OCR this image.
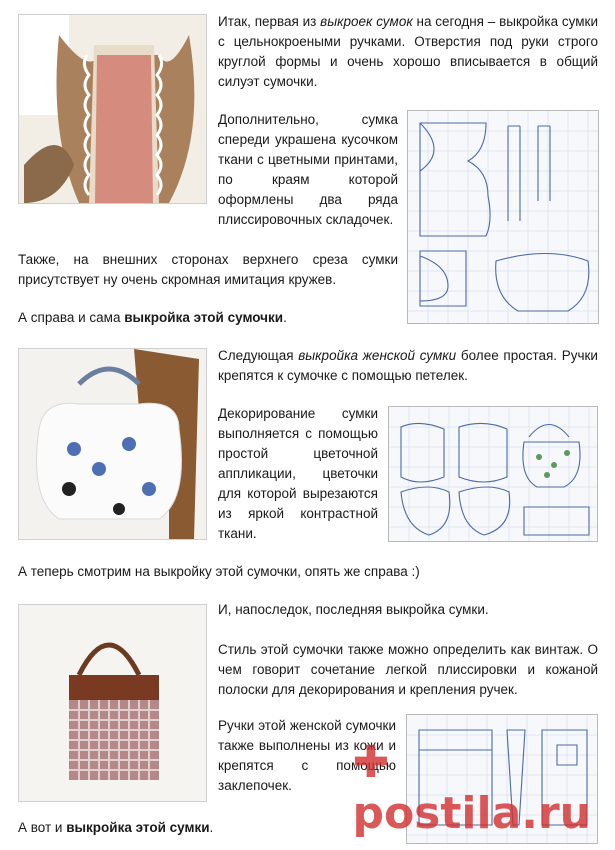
Итак, первая из выкроек сумок на сегодня – выкройка сумки с цельнокроеными ручками. Отверстия под руки строго круглой формы и очень хорошо вписывается в общий силуэт сумочки.

Дополнительно, сумка спереди украшена кусочком ткани с цветными принтами, по краям которой оформлены два ряда плиссировочных складочек.

Также, на внешних сторонах верхнего среза сумки присутствует ну очень скромная имитация кружев.

А справа и сама выкройка этой сумочки.

Следующая выкройка женской сумки более простая. Ручки крепятся к сумочке с помощью петелек.

Декорирование сумки выполняется с помощью простой цветочной аппликации, цветочки для которой вырезаются из яркой контрастной ткани.

А теперь смотрим на выкройку этой сумочки, опять же справа :)

И, напоследок, последняя выкройка сумки.

Стиль этой сумочки также можно определить как винтаж. О чем говорит сочетание легкой плиссировки и кожаной полоски для декорирования и крепления ручек.

Ручки этой женской сумочки также выполнены из кожи и крепятся с помощью заклепочек.	✚postila.ru

А вот и выкройка этой сумки.
